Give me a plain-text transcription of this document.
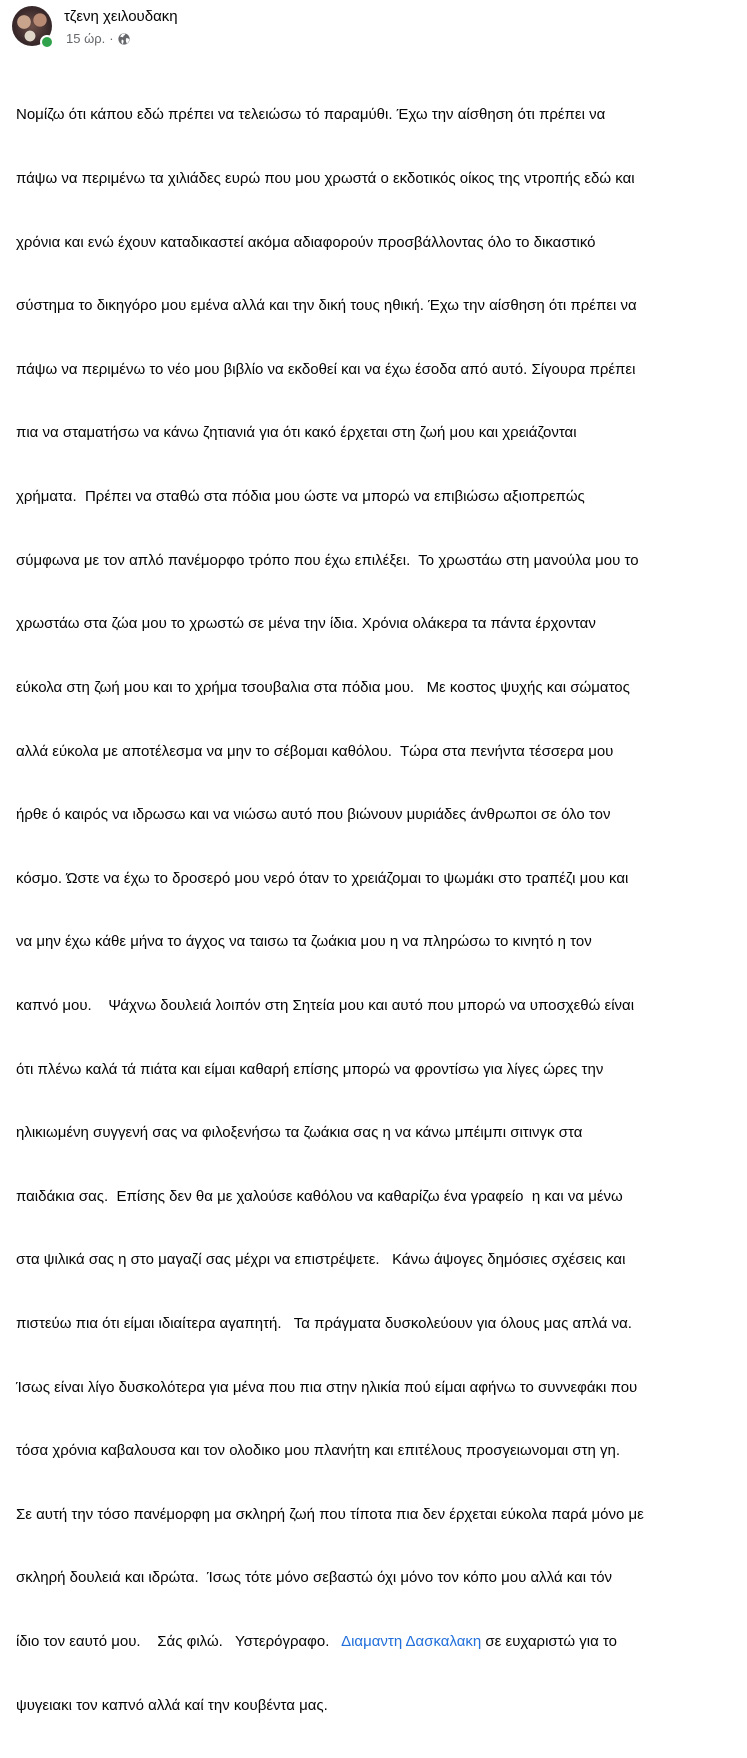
τζενη χειλουδακη
15 ώρ. ·

Νομίζω ότι κάπου εδώ πρέπει να τελειώσω τό παραμύθι. Έχω την αίσθηση ότι πρέπει να

πάψω να περιμένω τα χιλιάδες ευρώ που μου χρωστά ο εκδοτικός οίκος της ντροπής εδώ και

χρόνια και ενώ έχουν καταδικαστεί ακόμα αδιαφορούν προσβάλλοντας όλο το δικαστικό

σύστημα το δικηγόρο μου εμένα αλλά και την δική τους ηθική. Έχω την αίσθηση ότι πρέπει να

πάψω να περιμένω το νέο μου βιβλίο να εκδοθεί και να έχω έσοδα από αυτό. Σίγουρα πρέπει

πια να σταματήσω να κάνω ζητιανιά για ότι κακό έρχεται στη ζωή μου και χρειάζονται

χρήματα.  Πρέπει να σταθώ στα πόδια μου ώστε να μπορώ να επιβιώσω αξιοπρεπώς

σύμφωνα με τον απλό πανέμορφο τρόπο που έχω επιλέξει.  Το χρωστάω στη μανούλα μου το

χρωστάω στα ζώα μου το χρωστώ σε μένα την ίδια. Χρόνια ολάκερα τα πάντα έρχονταν

εύκολα στη ζωή μου και το χρήμα τσουβαλια στα πόδια μου.   Με κοστος ψυχής και σώματος

αλλά εύκολα με αποτέλεσμα να μην το σέβομαι καθόλου.  Τώρα στα πενήντα τέσσερα μου

ήρθε ό καιρός να ιδρωσω και να νιώσω αυτό που βιώνουν μυριάδες άνθρωποι σε όλο τον

κόσμο. Ώστε να έχω το δροσερό μου νερό όταν το χρειάζομαι το ψωμάκι στο τραπέζι μου και

να μην έχω κάθε μήνα το άγχος να ταισω τα ζωάκια μου η να πληρώσω το κινητό η τον

καπνό μου.    Ψάχνω δουλειά λοιπόν στη Σητεία μου και αυτό που μπορώ να υποσχεθώ είναι

ότι πλένω καλά τά πιάτα και είμαι καθαρή επίσης μπορώ να φροντίσω για λίγες ώρες την

ηλικιωμένη συγγενή σας να φιλοξενήσω τα ζωάκια σας η να κάνω μπέιμπι σιτινγκ στα

παιδάκια σας.  Επίσης δεν θα με χαλούσε καθόλου να καθαρίζω ένα γραφείο  η και να μένω

στα ψιλικά σας η στο μαγαζί σας μέχρι να επιστρέψετε.   Κάνω άψογες δημόσιες σχέσεις και

πιστεύω πια ότι είμαι ιδιαίτερα αγαπητή.   Τα πράγματα δυσκολεύουν για όλους μας απλά να.

Ίσως είναι λίγο δυσκολότερα για μένα που πια στην ηλικία πού είμαι αφήνω το συννεφάκι που

τόσα χρόνια καβαλουσα και τον ολοδικο μου πλανήτη και επιτέλους προσγειωνομαι στη γη.

Σε αυτή την τόσο πανέμορφη μα σκληρή ζωή που τίποτα πια δεν έρχεται εύκολα παρά μόνο με

σκληρή δουλειά και ιδρώτα.  Ίσως τότε μόνο σεβαστώ όχι μόνο τον κόπο μου αλλά και τόν

ίδιο τον εαυτό μου.    Σάς φιλώ.   Υστερόγραφο.   Διαμαντη Δασκαλακη σε ευχαριστώ για το

ψυγειακι τον καπνό αλλά καί την κουβέντα μας.
